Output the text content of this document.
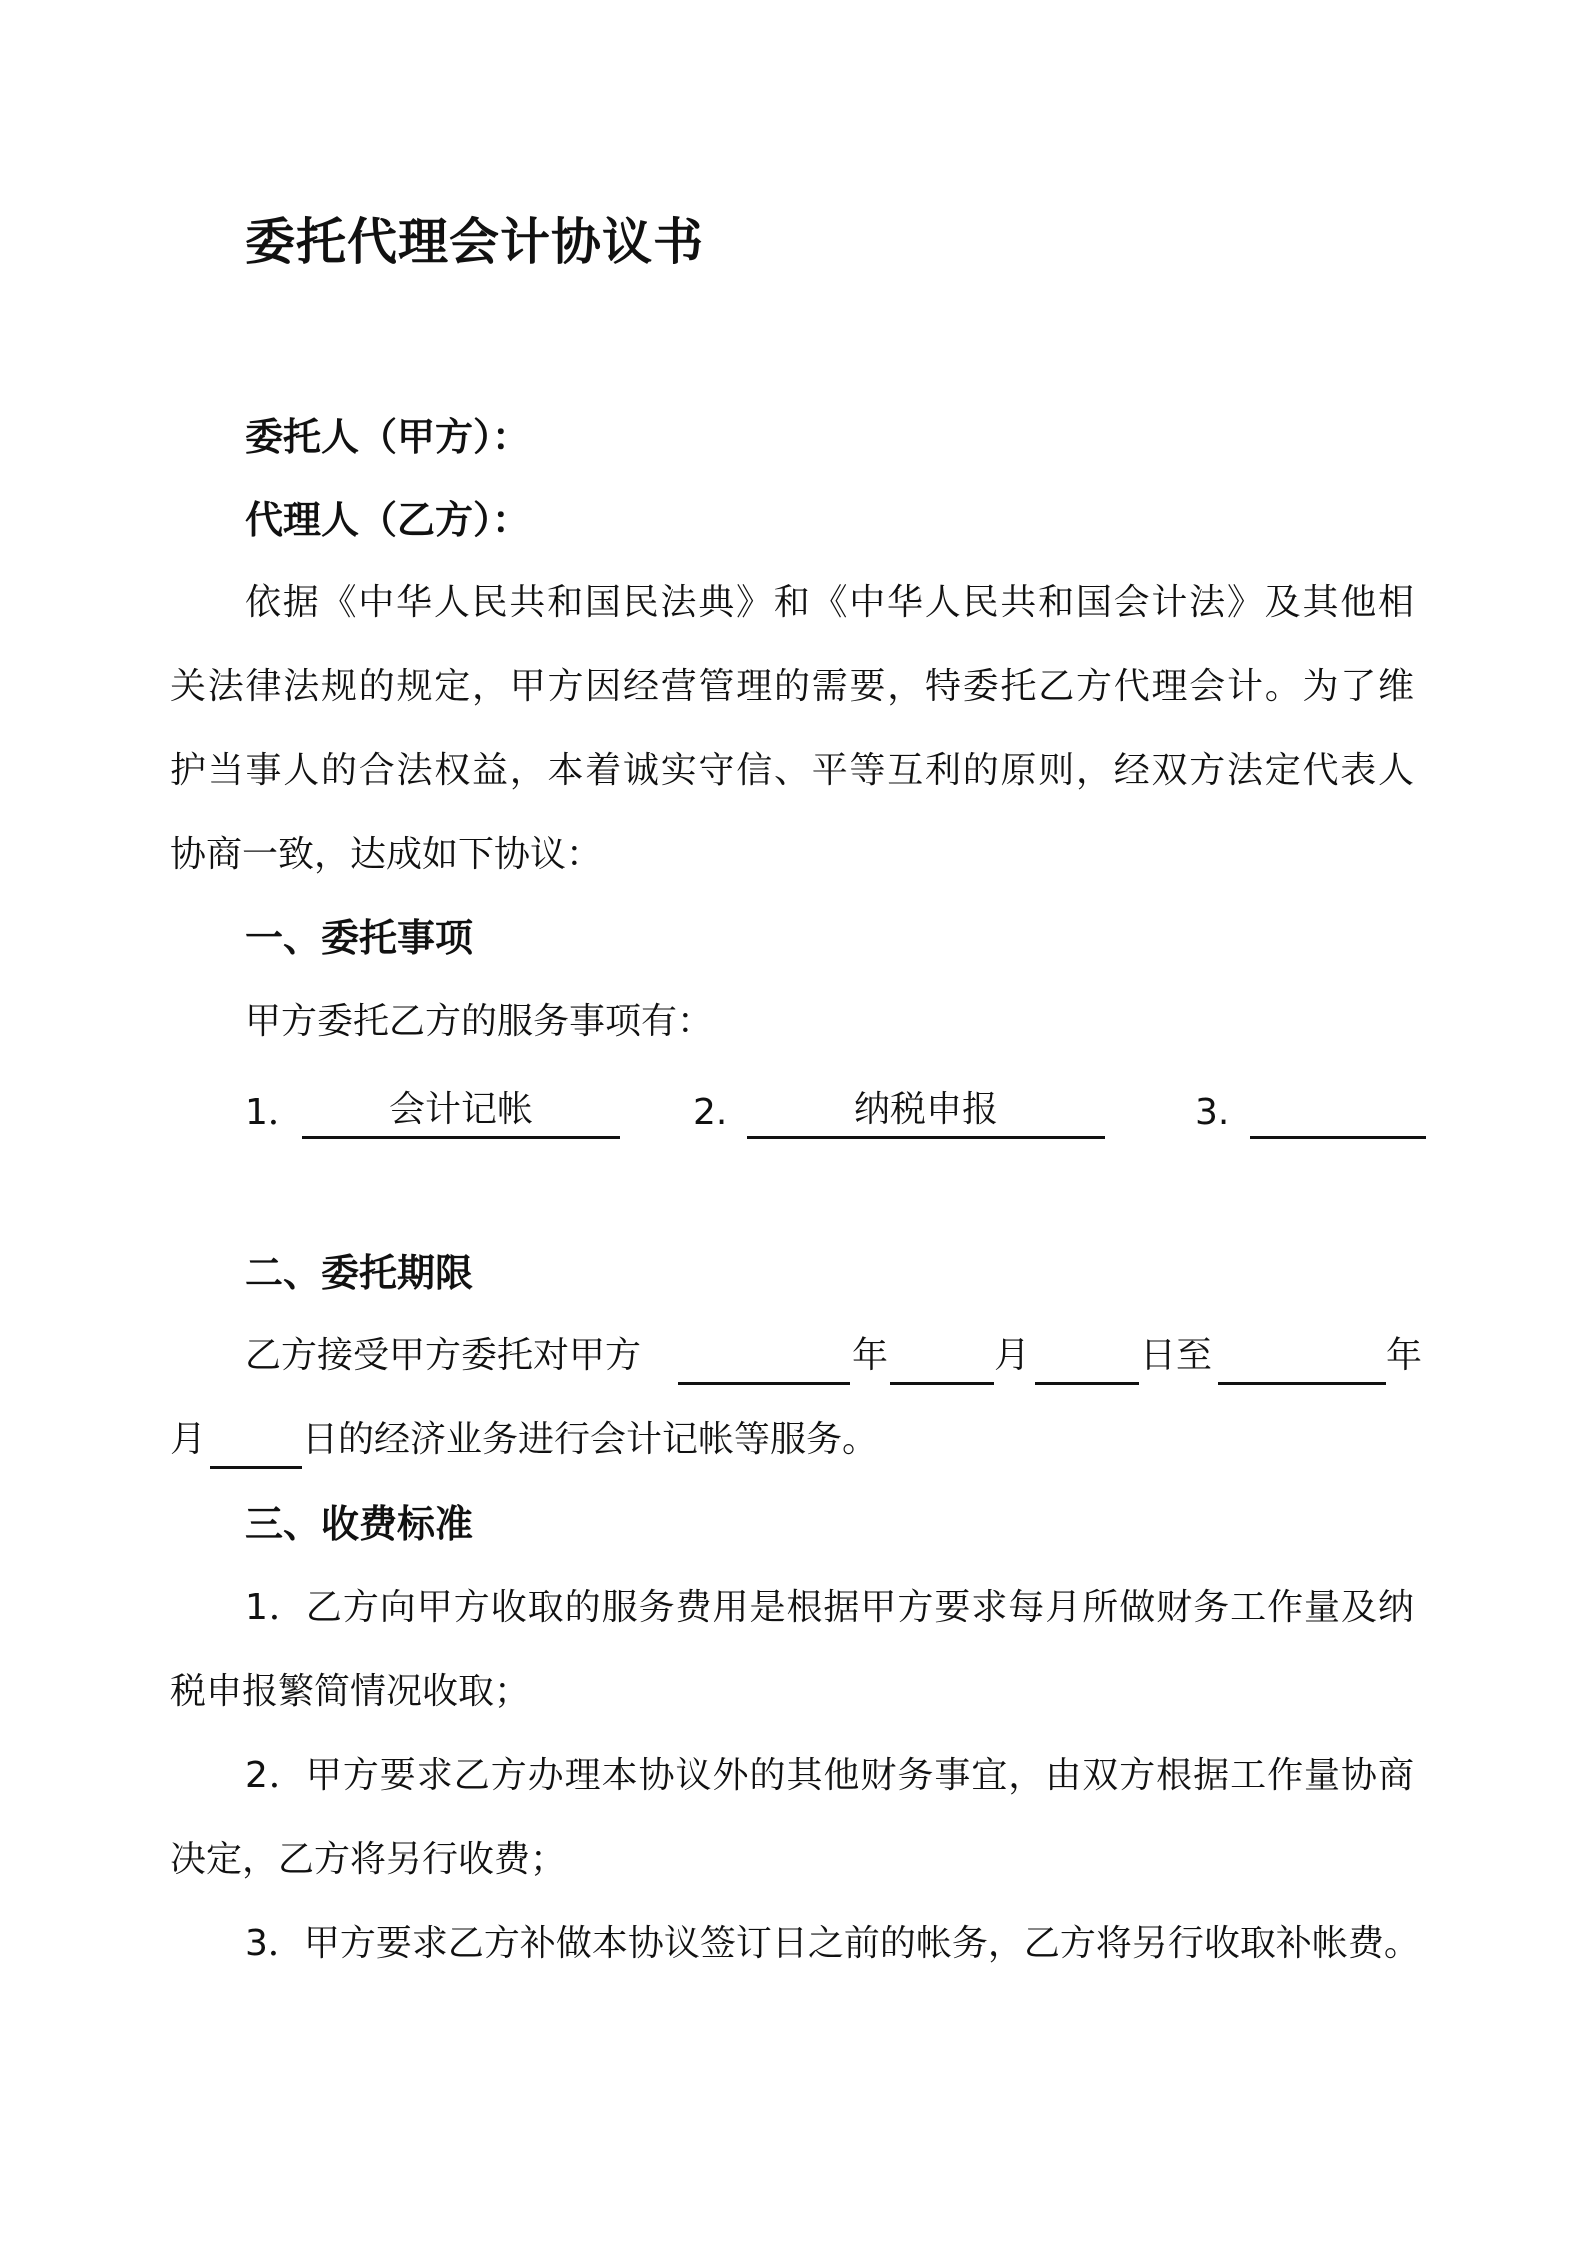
委托代理会计协议书
委托人（甲方）：
代理人（乙方）：
依据《中华人民共和国民法典》和《中华人民共和国会计法》及其他相
关法律法规的规定，甲方因经营管理的需要，特委托乙方代理会计。为了维
护当事人的合法权益，本着诚实守信、平等互利的原则，经双方法定代表人
协商一致，达成如下协议：
一、委托事项
甲方委托乙方的服务事项有：
1．	会计记帐	2.	纳税申报	3.
二、委托期限
乙方接受甲方委托对甲方	年	月	日至	年
月	日的经济业务进行会计记帐等服务。
三、收费标准
1．乙方向甲方收取的服务费用是根据甲方要求每月所做财务工作量及纳
税申报繁简情况收取；
2．甲方要求乙方办理本协议外的其他财务事宜，由双方根据工作量协商
决定，乙方将另行收费；
3．甲方要求乙方补做本协议签订日之前的帐务，乙方将另行收取补帐费。
